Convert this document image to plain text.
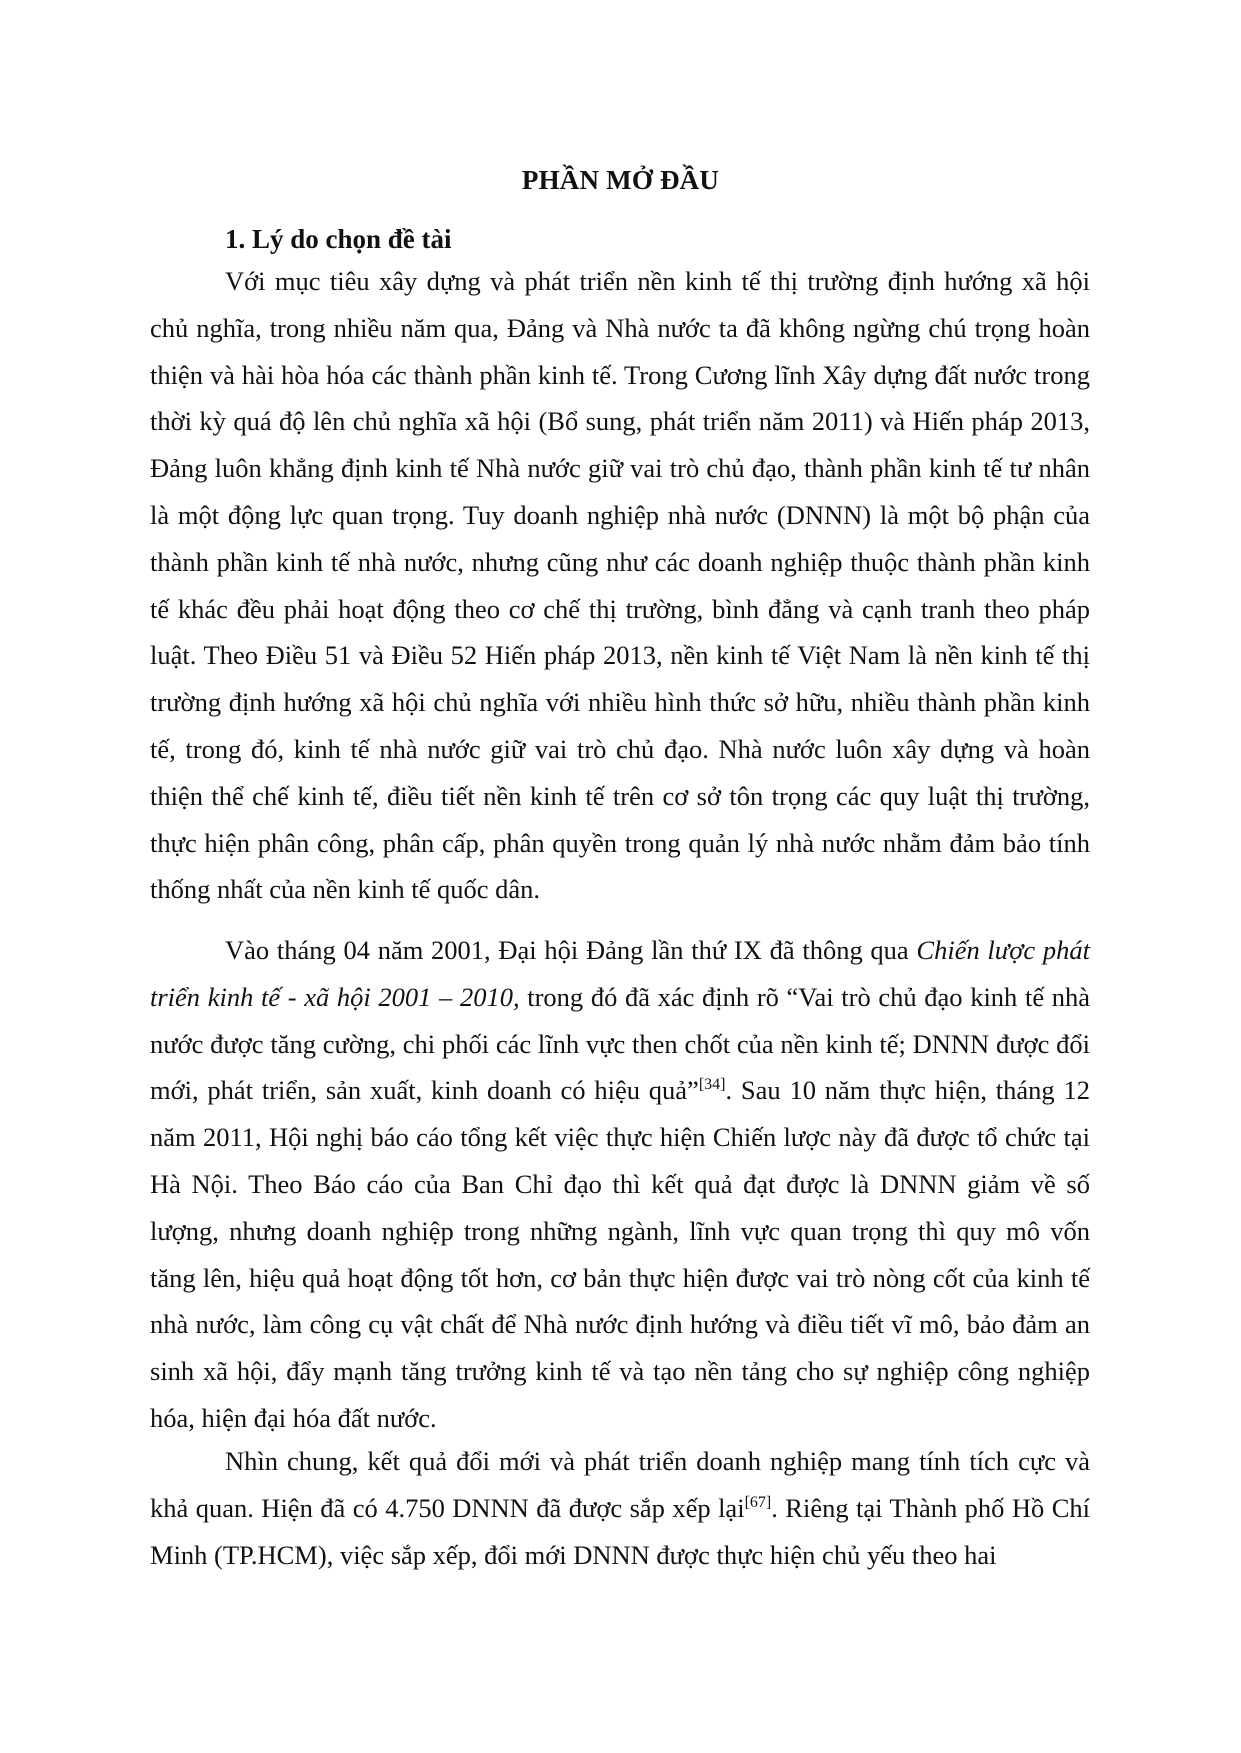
PHẦN MỞ ĐẦU
1. Lý do chọn đề tài

Với mục tiêu xây dựng và phát triển nền kinh tế thị trường định hướng xã hội chủ nghĩa, trong nhiều năm qua, Đảng và Nhà nước ta đã không ngừng chú trọng hoàn thiện và hài hòa hóa các thành phần kinh tế. Trong Cương lĩnh Xây dựng đất nước trong thời kỳ quá độ lên chủ nghĩa xã hội (Bổ sung, phát triển năm 2011) và Hiến pháp 2013, Đảng luôn khẳng định kinh tế Nhà nước giữ vai trò chủ đạo, thành phần kinh tế tư nhân là một động lực quan trọng. Tuy doanh nghiệp nhà nước (DNNN) là một bộ phận của thành phần kinh tế nhà nước, nhưng cũng như các doanh nghiệp thuộc thành phần kinh tế khác đều phải hoạt động theo cơ chế thị trường, bình đẳng và cạnh tranh theo pháp luật. Theo Điều 51 và Điều 52 Hiến pháp 2013, nền kinh tế Việt Nam là nền kinh tế thị trường định hướng xã hội chủ nghĩa với nhiều hình thức sở hữu, nhiều thành phần kinh tế, trong đó, kinh tế nhà nước giữ vai trò chủ đạo. Nhà nước luôn xây dựng và hoàn thiện thể chế kinh tế, điều tiết nền kinh tế trên cơ sở tôn trọng các quy luật thị trường, thực hiện phân công, phân cấp, phân quyền trong quản lý nhà nước nhằm đảm bảo tính thống nhất của nền kinh tế quốc dân.

Vào tháng 04 năm 2001, Đại hội Đảng lần thứ IX đã thông qua Chiến lược phát triển kinh tế - xã hội 2001 – 2010, trong đó đã xác định rõ “Vai trò chủ đạo kinh tế nhà nước được tăng cường, chi phối các lĩnh vực then chốt của nền kinh tế; DNNN được đổi mới, phát triển, sản xuất, kinh doanh có hiệu quả”[34]. Sau 10 năm thực hiện, tháng 12 năm 2011, Hội nghị báo cáo tổng kết việc thực hiện Chiến lược này đã được tổ chức tại Hà Nội. Theo Báo cáo của Ban Chỉ đạo thì kết quả đạt được là DNNN giảm về số lượng, nhưng doanh nghiệp trong những ngành, lĩnh vực quan trọng thì quy mô vốn tăng lên, hiệu quả hoạt động tốt hơn, cơ bản thực hiện được vai trò nòng cốt của kinh tế nhà nước, làm công cụ vật chất để Nhà nước định hướng và điều tiết vĩ mô, bảo đảm an sinh xã hội, đẩy mạnh tăng trưởng kinh tế và tạo nền tảng cho sự nghiệp công nghiệp hóa, hiện đại hóa đất nước.

Nhìn chung, kết quả đổi mới và phát triển doanh nghiệp mang tính tích cực và khả quan. Hiện đã có 4.750 DNNN đã được sắp xếp lại[67]. Riêng tại Thành phố Hồ Chí Minh (TP.HCM), việc sắp xếp, đổi mới DNNN được thực hiện chủ yếu theo hai
